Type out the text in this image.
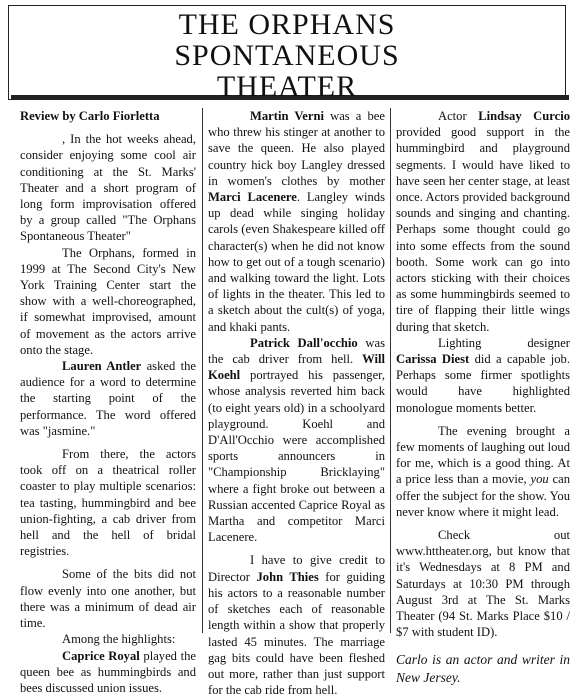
THE ORPHANS
SPONTANEOUS
THEATER
Review by Carlo Fiorletta

, In the hot weeks ahead, consider enjoying some cool air conditioning at the St. Marks' Theater and a short program of long form improvisation offered by a group called "The Orphans Spontaneous Theater"

The Orphans, formed in 1999 at The Second City's New York Training Center start the show with a well-choreographed, if somewhat improvised, amount of movement as the actors arrive onto the stage.

Lauren Antler asked the audience for a word to determine the starting point of the performance. The word offered was "jasmine."

From there, the actors took off on a theatrical roller coaster to play multiple scenarios: tea tasting, hummingbird and bee union-fighting, a cab driver from hell and the hell of bridal registries.

Some of the bits did not flow evenly into one another, but there was a minimum of dead air time.

Among the highlights:

Caprice Royal played the queen bee as hummingbirds and bees discussed union issues.

Martin Verni was a bee who threw his stinger at another to save the queen. He also played country hick boy Langley dressed in women's clothes by mother Marci Lacenere. Langley winds up dead while singing holiday carols (even Shakespeare killed off character(s) when he did not know how to get out of a tough scenario) and walking toward the light. Lots of lights in the theater. This led to a sketch about the cult(s) of yoga, and khaki pants.

Patrick Dall'occhio was the cab driver from hell. Will Koehl portrayed his passenger, whose analysis reverted him back (to eight years old) in a schoolyard playground. Koehl and D'All'Occhio were accomplished sports announcers in "Championship Bricklaying" where a fight broke out between a Russian accented Caprice Royal as Martha and competitor Marci Lacenere.

I have to give credit to Director John Thies for guiding his actors to a reasonable number of sketches each of reasonable length within a show that properly lasted 45 minutes. The marriage gag bits could have been fleshed out more, rather than just support for the cab ride from hell.

Actor Lindsay Curcio provided good support in the hummingbird and playground segments. I would have liked to have seen her center stage, at least once. Actors provided background sounds and singing and chanting. Perhaps some thought could go into some effects from the sound booth. Some work can go into actors sticking with their choices as some hummingbirds seemed to tire of flapping their little wings during that sketch.

Lighting designer Carissa Diest did a capable job. Perhaps some firmer spotlights would have highlighted monologue moments better.

The evening brought a few moments of laughing out loud for me, which is a good thing. At a price less than a movie, you can offer the subject for the show. You never know where it might lead.

Check out www.httheater.org, but know that it's Wednesdays at 8 PM and Saturdays at 10:30 PM through August 3rd at The St. Marks Theater (94 St. Marks Place $10 / $7 with student ID).

Carlo is an actor and writer in New Jersey.
